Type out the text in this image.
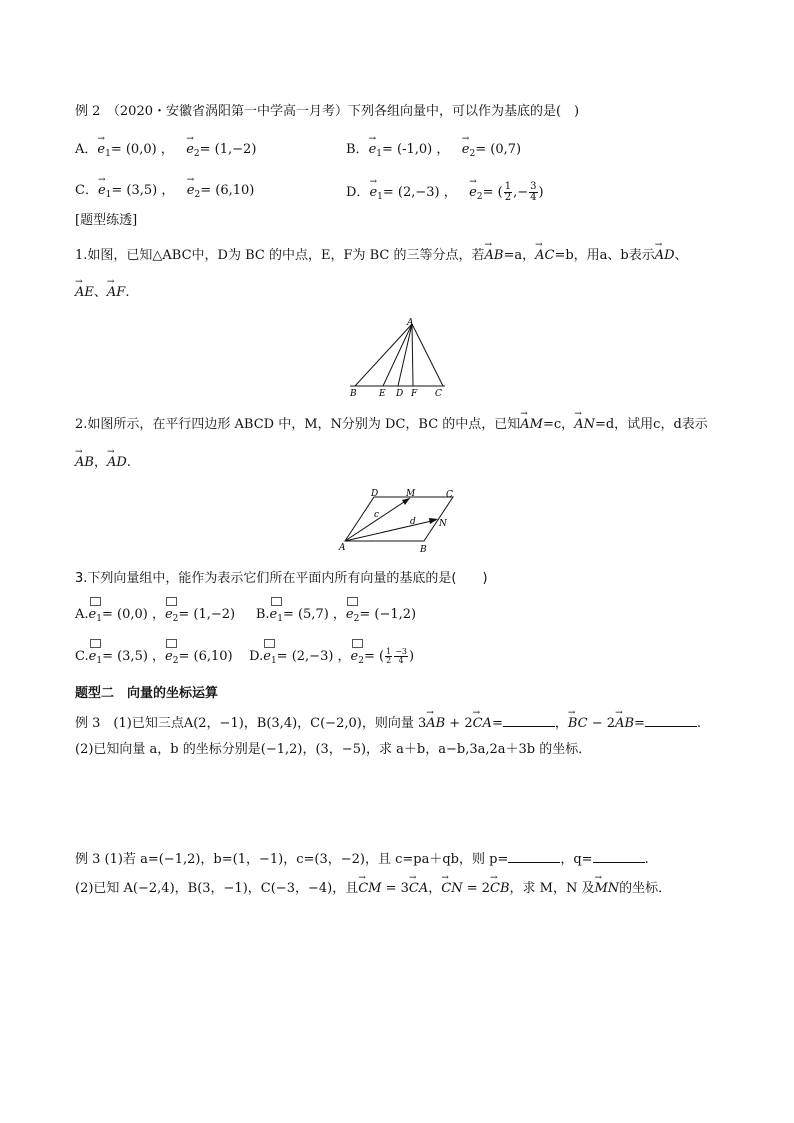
例 2　（2020・安徽省涡阳第一中学高一月考）下列各组向量中，可以作为基底的是(　)
A．→ $e_1= (0,0)$ ， → $e_2= (1,-2)$	B．→ $e_1= (-1,0)$ ， → $e_2= (0,7)$
C．→ $e_1= (3,5)$ ， → $e_2= (6,10)$	D．→ $e_1= (2,-3)$ ， → $e_2=$ ( $\frac{1}{2}$ ,− $\frac{3}{4}$ )
[题型练透]
1.如图，已知△ABC中，D为 BC 的中点，E，F为 BC 的三等分点，若→ AB=a，→ AC=b，用a、b表示→ AD、
→ AE、→ AF.
A
B E D F C
2.如图所示，在平行四边形 ABCD 中，M，N分别为 DC，BC 的中点，已知→ AM=c，→ AN=d，试用c，d表示
→ AB，→ AD.
A	B
C
D	M
N
c
d
3.下列向量组中，能作为表示它们所在平面内所有向量的基底的是(　　)
$A.e_1= (0,0)$ ，$e_2= (1,-2)$ $B.e_1= (5,7)$ ，$e_2= (-1,2)$
$C.e_1= (3,5)$ ，$e_2= (6,10)$ $D.e_1= (2,-3)$ ，$e_2=$ ( $\frac{1}{2} \frac{-3}{4}$ )
题型二　向量的坐标运算
例 3　(1)已知三点A(2，−1)，B(3,4)，C(−2,0)，则向量 3→ AB + 2→ CA=	，→ BC − 2→ AB=	.
(2)已知向量 a，b 的坐标分别是(−1,2)，(3，−5)，求 a＋b，a−b,3a,2a＋3b 的坐标．
例 3 (1)若 a=(−1,2)，b=(1，−1)，c=(3，−2)，且 c=pa＋qb，则 p=	，q=	.
(2)已知 A(−2,4)，B(3，−1)，C(−3，−4)，且→ CM = 3→ CA，→ CN = 2→ CB，求 M，N 及→ MN的坐标．
